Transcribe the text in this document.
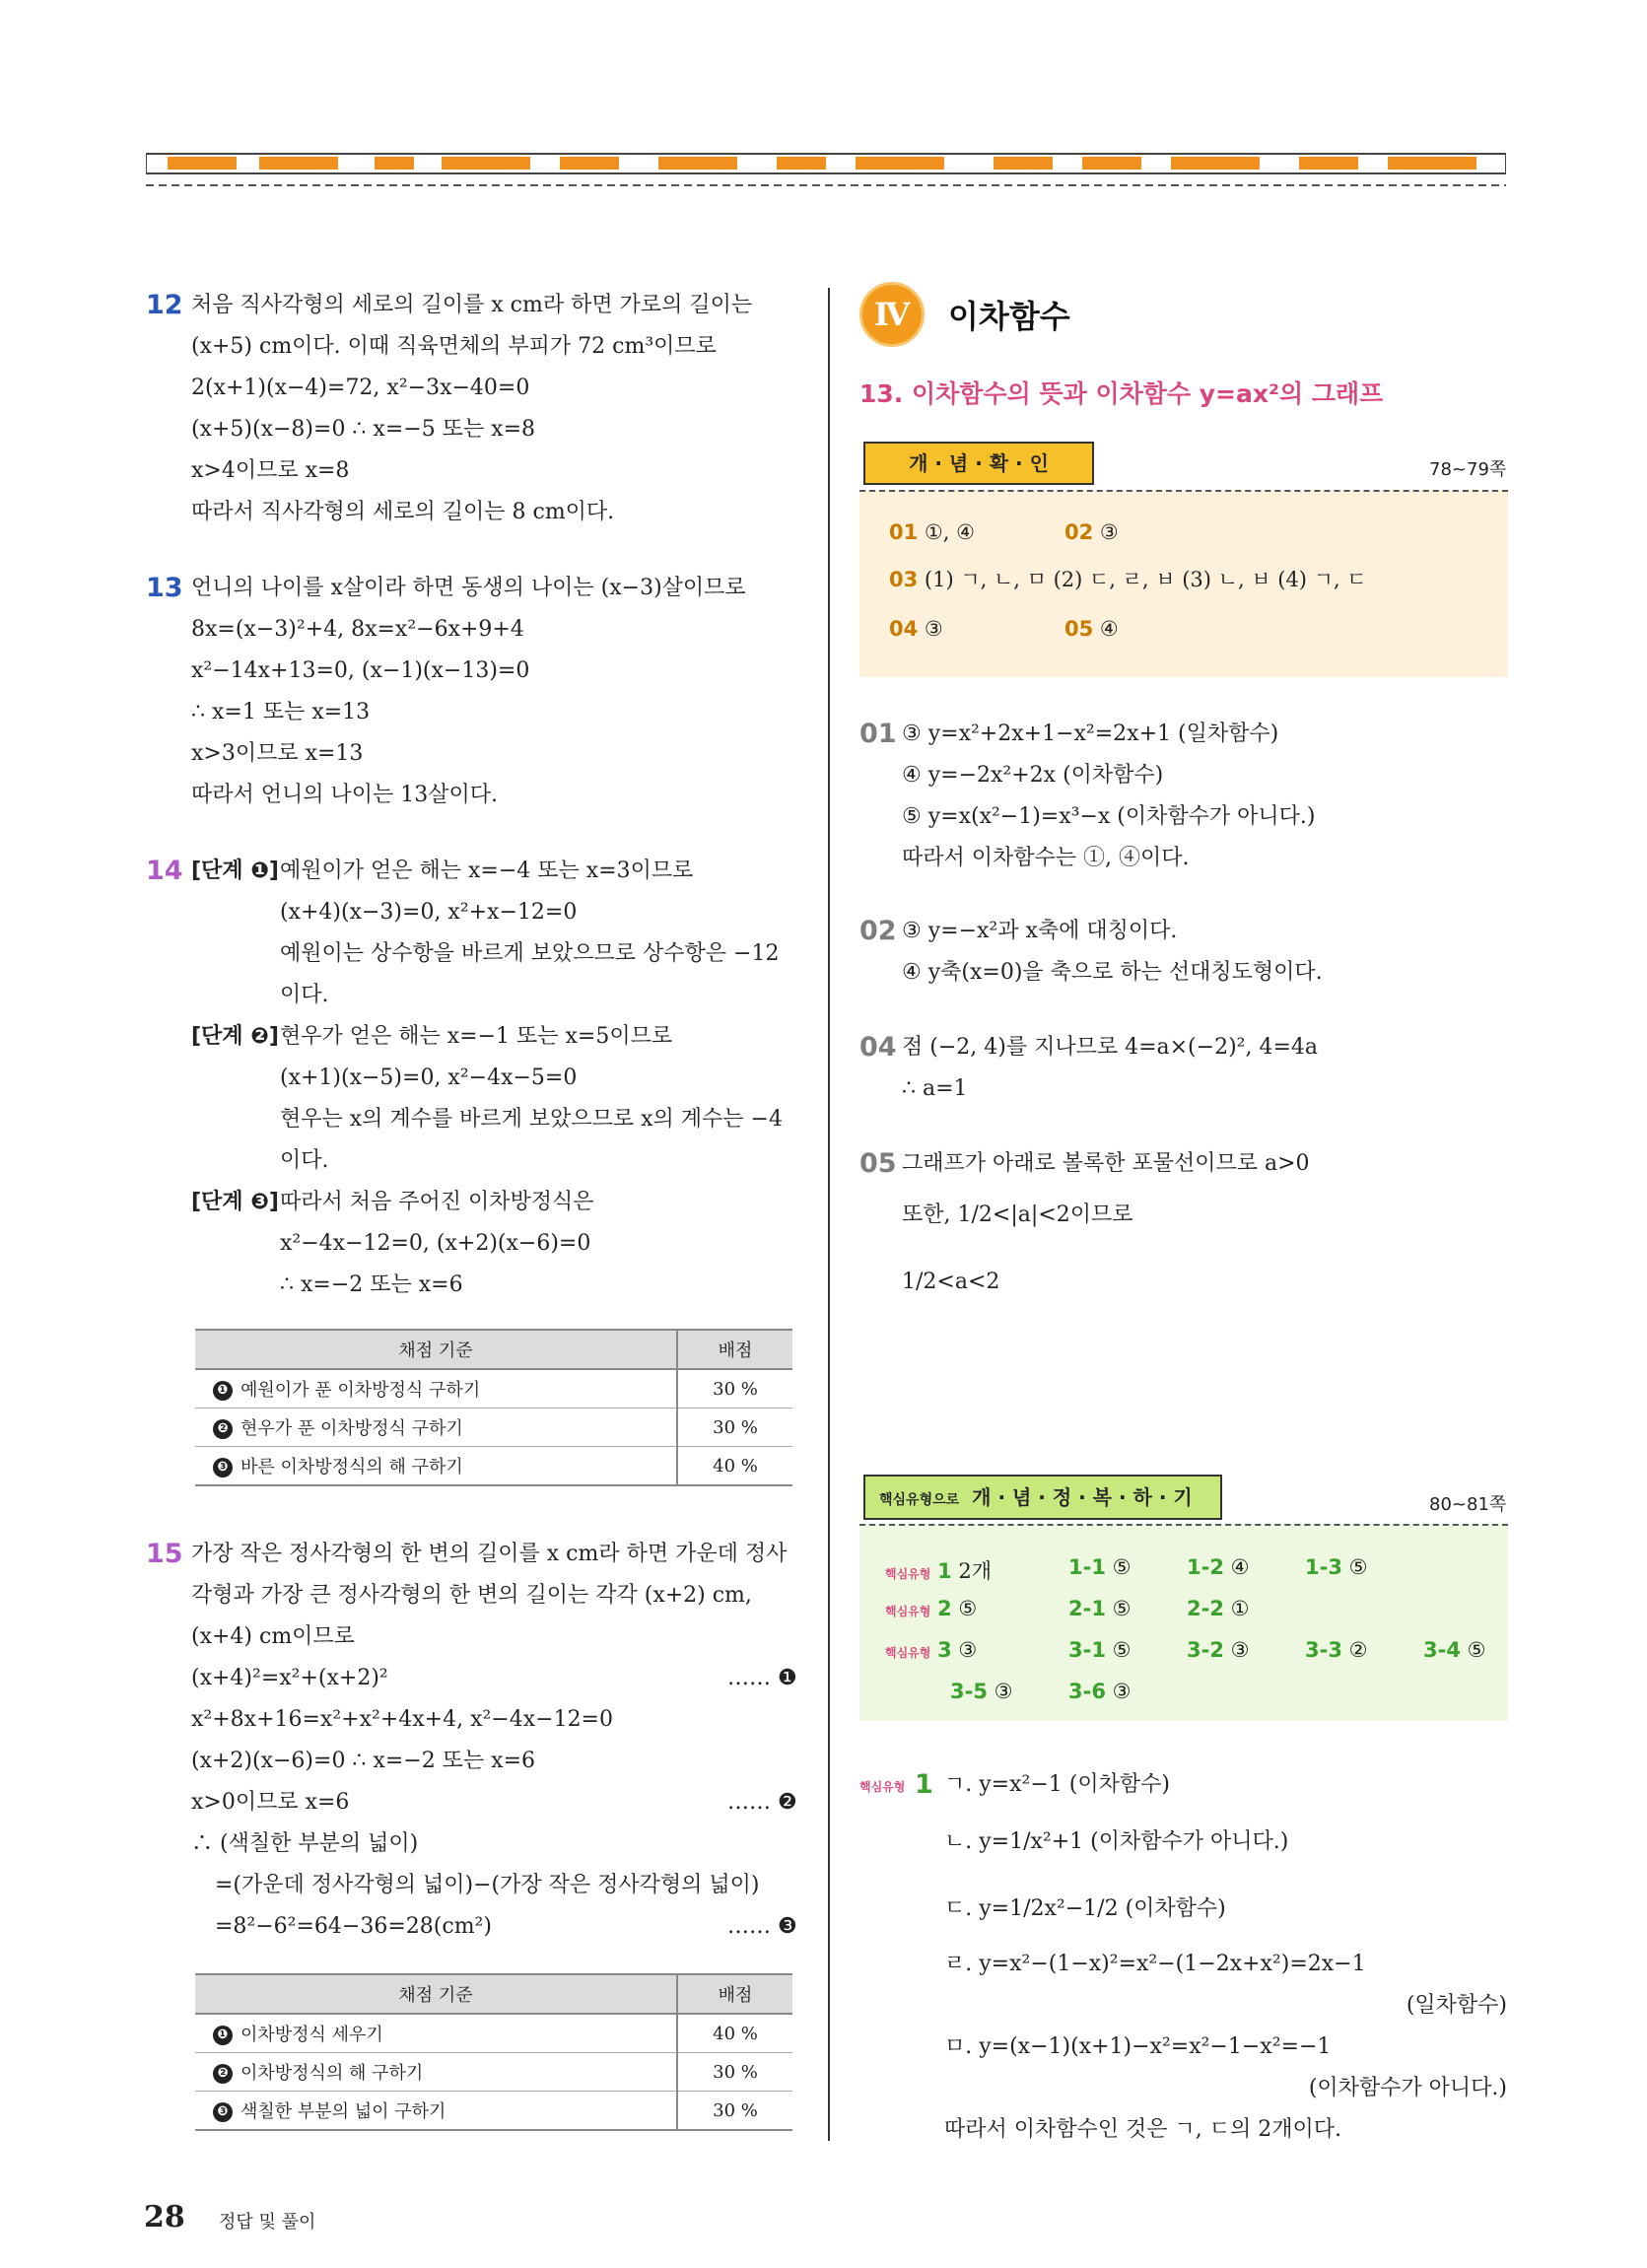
12 처음 직사각형의 세로의 길이를 x cm라 하면 가로의 길이는
(x+5) cm이다. 이때 직육면체의 부피가 72 cm³이므로
2(x+1)(x−4)=72, x²−3x−40=0
(x+5)(x−8)=0 ∴ x=−5 또는 x=8
x>4이므로 x=8
따라서 직사각형의 세로의 길이는 8 cm이다.
13 언니의 나이를 x살이라 하면 동생의 나이는 (x−3)살이므로
8x=(x−3)²+4, 8x=x²−6x+9+4
x²−14x+13=0, (x−1)(x−13)=0
∴ x=1 또는 x=13
x>3이므로 x=13
따라서 언니의 나이는 13살이다.
14 [단계 ❶] 예원이가 얻은 해는 x=−4 또는 x=3이므로
(x+4)(x−3)=0, x²+x−12=0
예원이는 상수항을 바르게 보았으므로 상수항은 −12
이다.
[단계 ❷] 현우가 얻은 해는 x=−1 또는 x=5이므로
(x+1)(x−5)=0, x²−4x−5=0
현우는 x의 계수를 바르게 보았으므로 x의 계수는 −4
이다.
[단계 ❸] 따라서 처음 주어진 이차방정식은
x²−4x−12=0, (x+2)(x−6)=0
∴ x=−2 또는 x=6
채점 기준	배점
❶ 예원이가 푼 이차방정식 구하기	30 %
❷ 현우가 푼 이차방정식 구하기	30 %
❸ 바른 이차방정식의 해 구하기	40 %
15 가장 작은 정사각형의 한 변의 길이를 x cm라 하면 가운데 정사
각형과 가장 큰 정사각형의 한 변의 길이는 각각 (x+2) cm,
(x+4) cm이므로
(x+4)²=x²+(x+2)²	…… ❶
x²+8x+16=x²+x²+4x+4, x²−4x−12=0
(x+2)(x−6)=0 ∴ x=−2 또는 x=6
x>0이므로 x=6	…… ❷
∴ (색칠한 부분의 넓이)
=(가운데 정사각형의 넓이)−(가장 작은 정사각형의 넓이)
=8²−6²=64−36=28(cm²)	…… ❸
채점 기준	배점
❶ 이차방정식 세우기	40 %
❷ 이차방정식의 해 구하기	30 %
❸ 색칠한 부분의 넓이 구하기	30 %
Ⅳ	이차함수
13. 이차함수의 뜻과 이차함수 y=ax²의 그래프
개 · 념 · 확 · 인	78~79쪽
01 ①, ④	02 ③
03 (1) ㄱ, ㄴ, ㅁ (2) ㄷ, ㄹ, ㅂ (3) ㄴ, ㅂ (4) ㄱ, ㄷ
04 ③	05 ④
01 ③ y=x²+2x+1−x²=2x+1 (일차함수)
④ y=−2x²+2x (이차함수)
⑤ y=x(x²−1)=x³−x (이차함수가 아니다.)
따라서 이차함수는 ①, ④이다.
02 ③ y=−x²과 x축에 대칭이다.
④ y축(x=0)을 축으로 하는 선대칭도형이다.
04 점 (−2, 4)를 지나므로 4=a×(−2)², 4=4a
∴ a=1
05 그래프가 아래로 볼록한 포물선이므로 a>0
또한, 1/2<|a|<2이므로
1/2<a<2
핵심유형으로 개 · 념 · 정 · 복 · 하 · 기	80~81쪽
핵심유형 1 2개	1-1 ⑤	1-2 ④	1-3 ⑤
핵심유형 2 ⑤	2-1 ⑤	2-2 ①
핵심유형 3 ③	3-1 ⑤	3-2 ③	3-3 ②	3-4 ⑤
3-5 ③	3-6 ③
핵심유형 1 ㄱ. y=x²−1 (이차함수)
ㄴ. y=1/x²+1 (이차함수가 아니다.)
ㄷ. y=1/2x²−1/2 (이차함수)
ㄹ. y=x²−(1−x)²=x²−(1−2x+x²)=2x−1
(일차함수)
ㅁ. y=(x−1)(x+1)−x²=x²−1−x²=−1
(이차함수가 아니다.)
따라서 이차함수인 것은 ㄱ, ㄷ의 2개이다.
28 정답 및 풀이
